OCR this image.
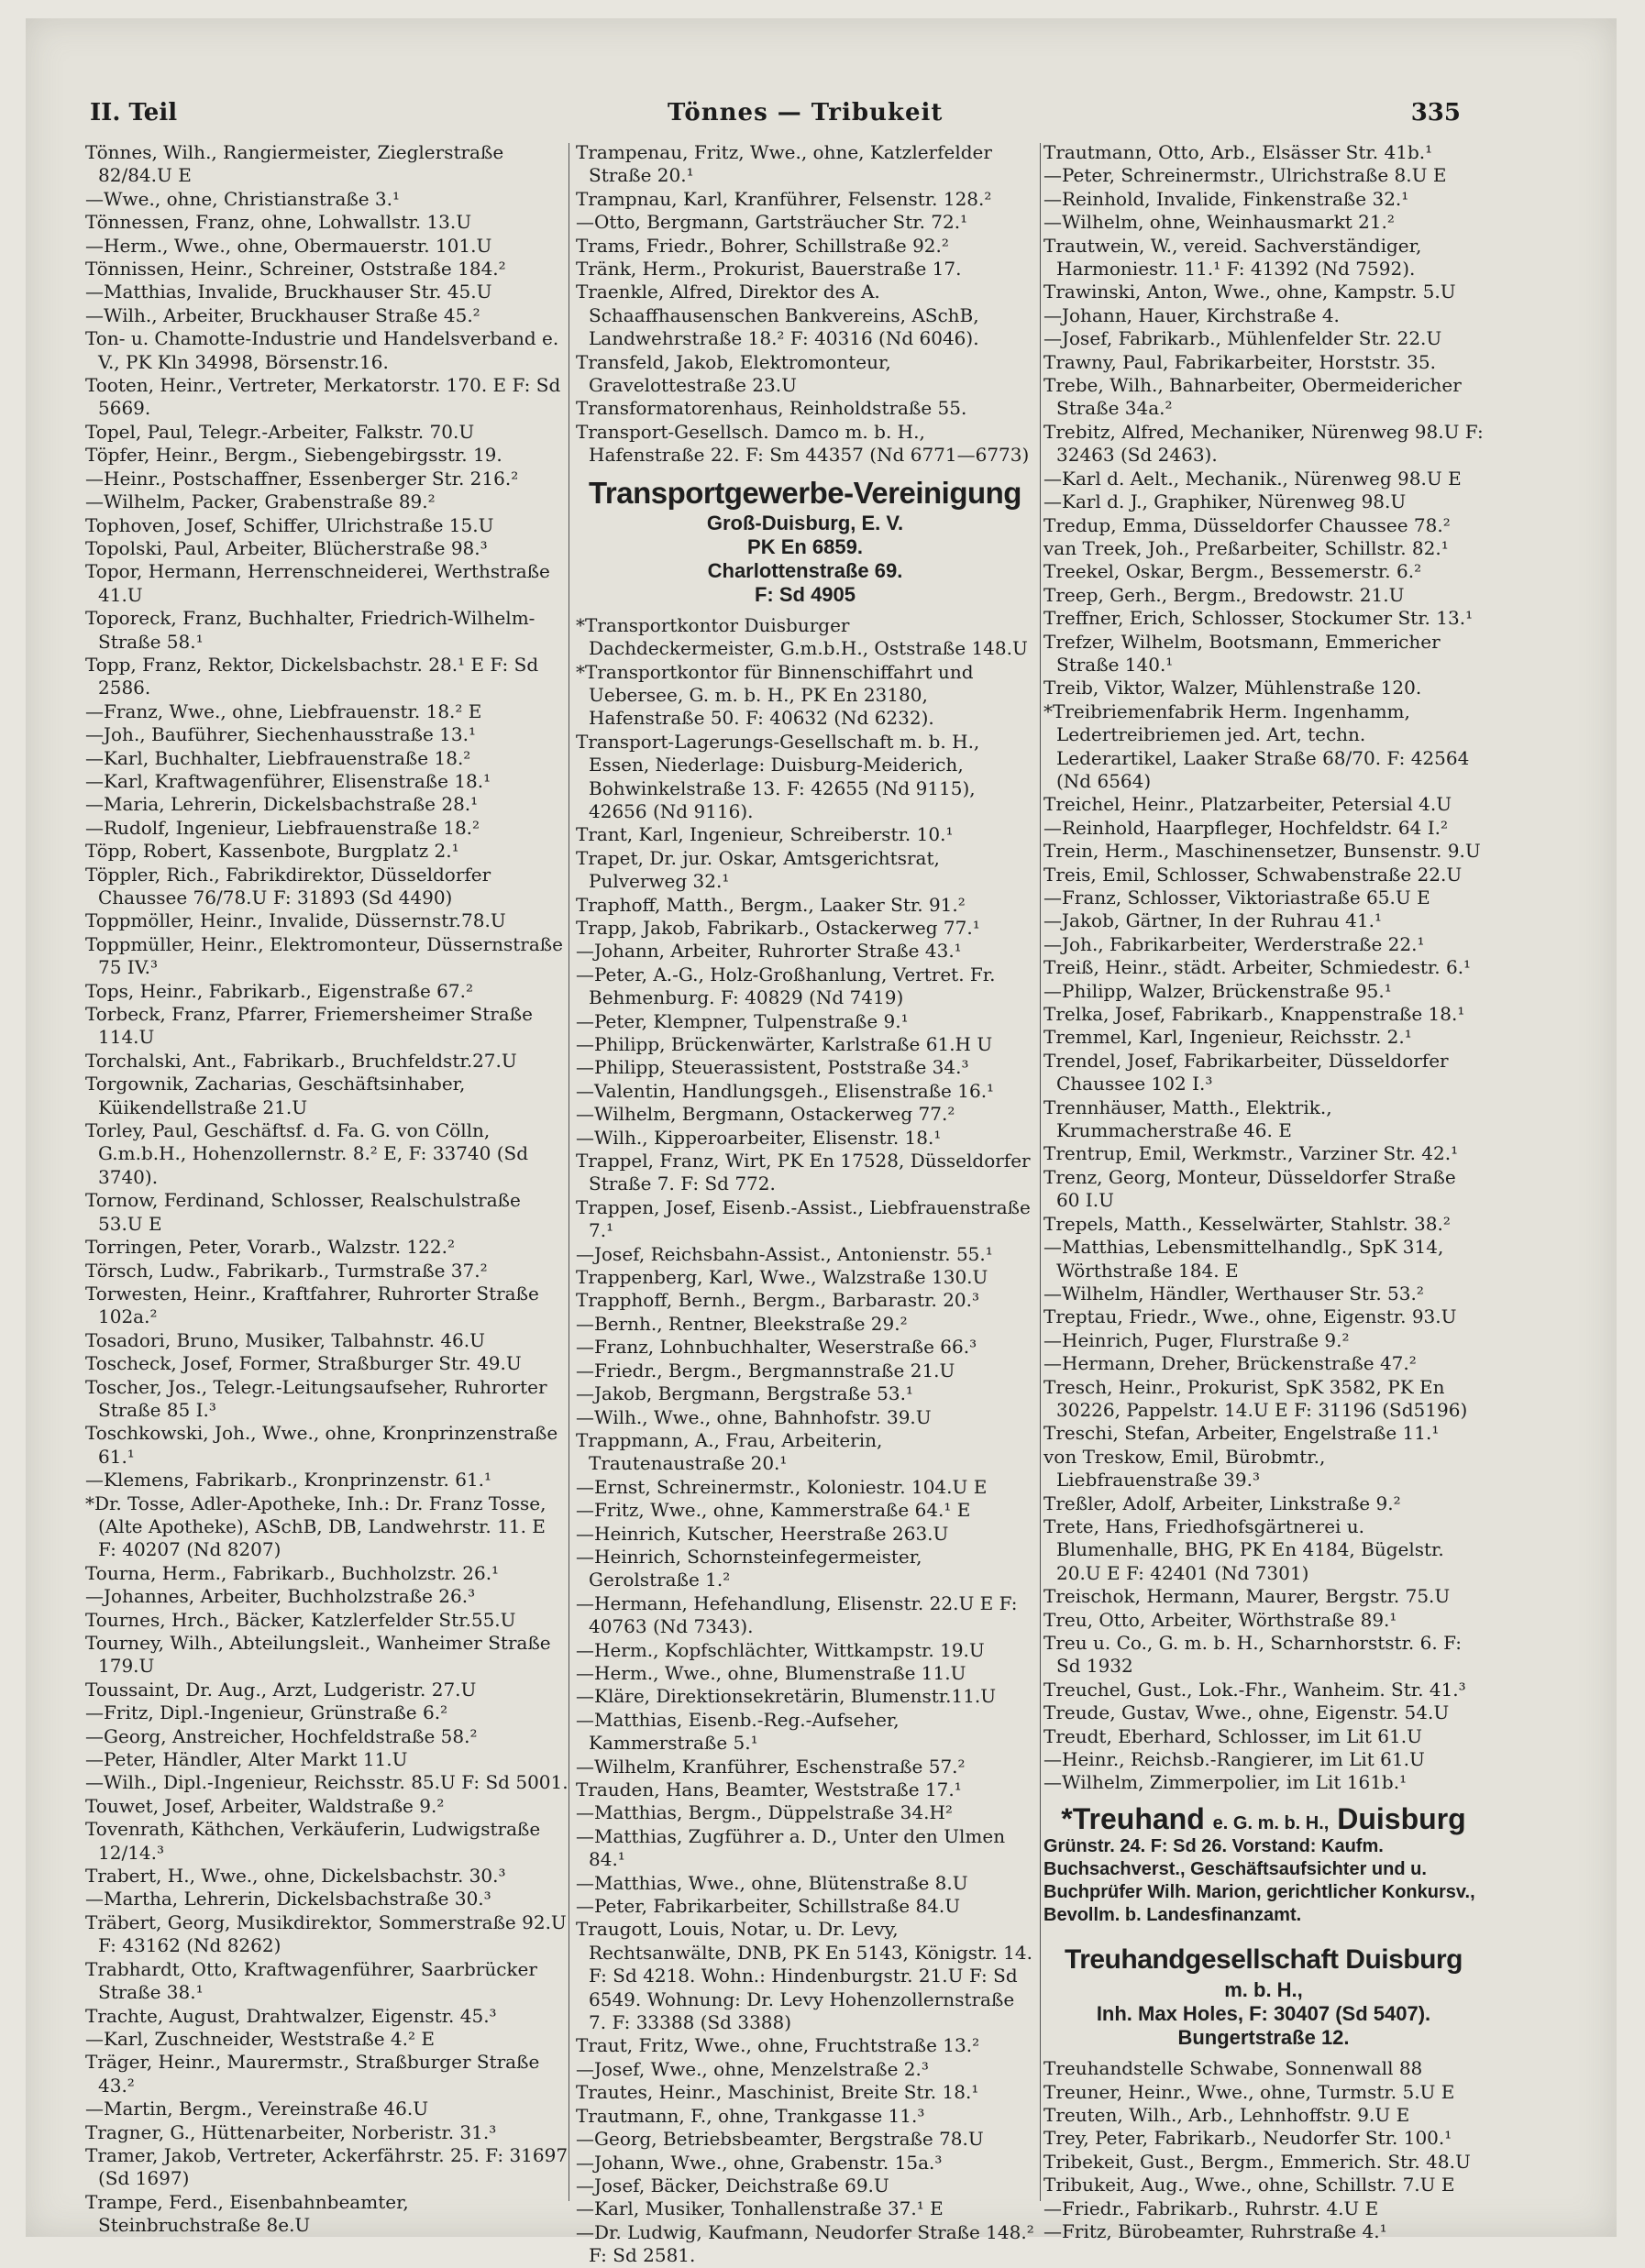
II. Teil	Tönnes — Tribukeit	335

Tönnes, Wilh., Rangiermeister, Zieglerstraße 82/84.U E

—Wwe., ohne, Christianstraße 3.¹

Tönnessen, Franz, ohne, Lohwallstr. 13.U

—Herm., Wwe., ohne, Obermauerstr. 101.U

Tönnissen, Heinr., Schreiner, Oststraße 184.²

—Matthias, Invalide, Bruckhauser Str. 45.U

—Wilh., Arbeiter, Bruckhauser Straße 45.²

Ton- u. Chamotte-Industrie und Handelsverband e. V., PK Kln 34998, Börsenstr.16.

Tooten, Heinr., Vertreter, Merkatorstr. 170. E F: Sd 5669.

Topel, Paul, Telegr.-Arbeiter, Falkstr. 70.U

Töpfer, Heinr., Bergm., Siebengebirgsstr. 19.

—Heinr., Postschaffner, Essenberger Str. 216.²

—Wilhelm, Packer, Grabenstraße 89.²

Tophoven, Josef, Schiffer, Ulrichstraße 15.U

Topolski, Paul, Arbeiter, Blücherstraße 98.³

Topor, Hermann, Herrenschneiderei, Werthstraße 41.U

Toporeck, Franz, Buchhalter, Friedrich-Wilhelm-Straße 58.¹

Topp, Franz, Rektor, Dickelsbachstr. 28.¹ E F: Sd 2586.

—Franz, Wwe., ohne, Liebfrauenstr. 18.² E

—Joh., Bauführer, Siechenhausstraße 13.¹

—Karl, Buchhalter, Liebfrauenstraße 18.²

—Karl, Kraftwagenführer, Elisenstraße 18.¹

—Maria, Lehrerin, Dickelsbachstraße 28.¹

—Rudolf, Ingenieur, Liebfrauenstraße 18.²

Töpp, Robert, Kassenbote, Burgplatz 2.¹

Töppler, Rich., Fabrikdirektor, Düsseldorfer Chaussee 76/78.U F: 31893 (Sd 4490)

Toppmöller, Heinr., Invalide, Düssernstr.78.U

Toppmüller, Heinr., Elektromonteur, Düssernstraße 75 IV.³

Tops, Heinr., Fabrikarb., Eigenstraße 67.²

Torbeck, Franz, Pfarrer, Friemersheimer Straße 114.U

Torchalski, Ant., Fabrikarb., Bruchfeldstr.27.U

Torgownik, Zacharias, Geschäftsinhaber, Küikendellstraße 21.U

Torley, Paul, Geschäftsf. d. Fa. G. von Cölln, G.m.b.H., Hohenzollernstr. 8.² E, F: 33740 (Sd 3740).

Tornow, Ferdinand, Schlosser, Realschulstraße 53.U E

Torringen, Peter, Vorarb., Walzstr. 122.²

Törsch, Ludw., Fabrikarb., Turmstraße 37.²

Torwesten, Heinr., Kraftfahrer, Ruhrorter Straße 102a.²

Tosadori, Bruno, Musiker, Talbahnstr. 46.U

Toscheck, Josef, Former, Straßburger Str. 49.U

Toscher, Jos., Telegr.-Leitungsaufseher, Ruhrorter Straße 85 I.³

Toschkowski, Joh., Wwe., ohne, Kronprinzenstraße 61.¹

—Klemens, Fabrikarb., Kronprinzenstr. 61.¹

*Dr. Tosse, Adler-Apotheke, Inh.: Dr. Franz Tosse, (Alte Apotheke), ASchB, DB, Landwehrstr. 11. E F: 40207 (Nd 8207)

Tourna, Herm., Fabrikarb., Buchholzstr. 26.¹

—Johannes, Arbeiter, Buchholzstraße 26.³

Tournes, Hrch., Bäcker, Katzlerfelder Str.55.U

Tourney, Wilh., Abteilungsleit., Wanheimer Straße 179.U

Toussaint, Dr. Aug., Arzt, Ludgeristr. 27.U

—Fritz, Dipl.-Ingenieur, Grünstraße 6.²

—Georg, Anstreicher, Hochfeldstraße 58.²

—Peter, Händler, Alter Markt 11.U

—Wilh., Dipl.-Ingenieur, Reichsstr. 85.U F: Sd 5001.

Touwet, Josef, Arbeiter, Waldstraße 9.²

Tovenrath, Käthchen, Verkäuferin, Ludwigstraße 12/14.³

Trabert, H., Wwe., ohne, Dickelsbachstr. 30.³

—Martha, Lehrerin, Dickelsbachstraße 30.³

Träbert, Georg, Musikdirektor, Sommerstraße 92.U F: 43162 (Nd 8262)

Trabhardt, Otto, Kraftwagenführer, Saarbrücker Straße 38.¹

Trachte, August, Drahtwalzer, Eigenstr. 45.³

—Karl, Zuschneider, Weststraße 4.² E

Träger, Heinr., Maurermstr., Straßburger Straße 43.²

—Martin, Bergm., Vereinstraße 46.U

Tragner, G., Hüttenarbeiter, Norberistr. 31.³

Tramer, Jakob, Vertreter, Ackerfährstr. 25. F: 31697 (Sd 1697)

Trampe, Ferd., Eisenbahnbeamter, Steinbruchstraße 8e.U

Trampenau, Fritz, Wwe., ohne, Katzlerfelder Straße 20.¹

Trampnau, Karl, Kranführer, Felsenstr. 128.²

—Otto, Bergmann, Gartsträucher Str. 72.¹

Trams, Friedr., Bohrer, Schillstraße 92.²

Tränk, Herm., Prokurist, Bauerstraße 17.

Traenkle, Alfred, Direktor des A. Schaaffhausenschen Bankvereins, ASchB, Landwehrstraße 18.² F: 40316 (Nd 6046).

Transfeld, Jakob, Elektromonteur, Gravelottestraße 23.U

Transformatorenhaus, Reinholdstraße 55.

Transport-Gesellsch. Damco m. b. H., Hafenstraße 22. F: Sm 44357 (Nd 6771—6773)

Transportgewerbe-Vereinigung
Groß-Duisburg, E. V.
PK En 6859.
Charlottenstraße 69.
F: Sd 4905

*Transportkontor Duisburger Dachdeckermeister, G.m.b.H., Oststraße 148.U

*Transportkontor für Binnenschiffahrt und Uebersee, G. m. b. H., PK En 23180, Hafenstraße 50. F: 40632 (Nd 6232).

Transport-Lagerungs-Gesellschaft m. b. H., Essen, Niederlage: Duisburg-Meiderich, Bohwinkelstraße 13. F: 42655 (Nd 9115), 42656 (Nd 9116).

Trant, Karl, Ingenieur, Schreiberstr. 10.¹

Trapet, Dr. jur. Oskar, Amtsgerichtsrat, Pulverweg 32.¹

Traphoff, Matth., Bergm., Laaker Str. 91.²

Trapp, Jakob, Fabrikarb., Ostackerweg 77.¹

—Johann, Arbeiter, Ruhrorter Straße 43.¹

—Peter, A.-G., Holz-Großhanlung, Vertret. Fr. Behmenburg. F: 40829 (Nd 7419)

—Peter, Klempner, Tulpenstraße 9.¹

—Philipp, Brückenwärter, Karlstraße 61.H U

—Philipp, Steuerassistent, Poststraße 34.³

—Valentin, Handlungsgeh., Elisenstraße 16.¹

—Wilhelm, Bergmann, Ostackerweg 77.²

—Wilh., Kipperoarbeiter, Elisenstr. 18.¹

Trappel, Franz, Wirt, PK En 17528, Düsseldorfer Straße 7. F: Sd 772.

Trappen, Josef, Eisenb.-Assist., Liebfrauenstraße 7.¹

—Josef, Reichsbahn-Assist., Antonienstr. 55.¹

Trappenberg, Karl, Wwe., Walzstraße 130.U

Trapphoff, Bernh., Bergm., Barbarastr. 20.³

—Bernh., Rentner, Bleekstraße 29.²

—Franz, Lohnbuchhalter, Weserstraße 66.³

—Friedr., Bergm., Bergmannstraße 21.U

—Jakob, Bergmann, Bergstraße 53.¹

—Wilh., Wwe., ohne, Bahnhofstr. 39.U

Trappmann, A., Frau, Arbeiterin, Trautenaustraße 20.¹

—Ernst, Schreinermstr., Koloniestr. 104.U E

—Fritz, Wwe., ohne, Kammerstraße 64.¹ E

—Heinrich, Kutscher, Heerstraße 263.U

—Heinrich, Schornsteinfegermeister, Gerolstraße 1.²

—Hermann, Hefehandlung, Elisenstr. 22.U E F: 40763 (Nd 7343).

—Herm., Kopfschlächter, Wittkampstr. 19.U

—Herm., Wwe., ohne, Blumenstraße 11.U

—Kläre, Direktionsekretärin, Blumenstr.11.U

—Matthias, Eisenb.-Reg.-Aufseher, Kammerstraße 5.¹

—Wilhelm, Kranführer, Eschenstraße 57.²

Trauden, Hans, Beamter, Weststraße 17.¹

—Matthias, Bergm., Düppelstraße 34.H²

—Matthias, Zugführer a. D., Unter den Ulmen 84.¹

—Matthias, Wwe., ohne, Blütenstraße 8.U

—Peter, Fabrikarbeiter, Schillstraße 84.U

Traugott, Louis, Notar, u. Dr. Levy, Rechtsanwälte, DNB, PK En 5143, Königstr. 14. F: Sd 4218. Wohn.: Hindenburgstr. 21.U F: Sd 6549. Wohnung: Dr. Levy Hohenzollernstraße 7. F: 33388 (Sd 3388)

Traut, Fritz, Wwe., ohne, Fruchtstraße 13.²

—Josef, Wwe., ohne, Menzelstraße 2.³

Trautes, Heinr., Maschinist, Breite Str. 18.¹

Trautmann, F., ohne, Trankgasse 11.³

—Georg, Betriebsbeamter, Bergstraße 78.U

—Johann, Wwe., ohne, Grabenstr. 15a.³

—Josef, Bäcker, Deichstraße 69.U

—Karl, Musiker, Tonhallenstraße 37.¹ E

—Dr. Ludwig, Kaufmann, Neudorfer Straße 148.² F: Sd 2581.

Trautmann, Otto, Arb., Elsässer Str. 41b.¹

—Peter, Schreinermstr., Ulrichstraße 8.U E

—Reinhold, Invalide, Finkenstraße 32.¹

—Wilhelm, ohne, Weinhausmarkt 21.²

Trautwein, W., vereid. Sachverständiger, Harmoniestr. 11.¹ F: 41392 (Nd 7592).

Trawinski, Anton, Wwe., ohne, Kampstr. 5.U

—Johann, Hauer, Kirchstraße 4.

—Josef, Fabrikarb., Mühlenfelder Str. 22.U

Trawny, Paul, Fabrikarbeiter, Horststr. 35.

Trebe, Wilh., Bahnarbeiter, Obermeidericher Straße 34a.²

Trebitz, Alfred, Mechaniker, Nürenweg 98.U F: 32463 (Sd 2463).

—Karl d. Aelt., Mechanik., Nürenweg 98.U E

—Karl d. J., Graphiker, Nürenweg 98.U

Tredup, Emma, Düsseldorfer Chaussee 78.²

van Treek, Joh., Preßarbeiter, Schillstr. 82.¹

Treekel, Oskar, Bergm., Bessemerstr. 6.²

Treep, Gerh., Bergm., Bredowstr. 21.U

Treffner, Erich, Schlosser, Stockumer Str. 13.¹

Trefzer, Wilhelm, Bootsmann, Emmericher Straße 140.¹

Treib, Viktor, Walzer, Mühlenstraße 120.

*Treibriemenfabrik Herm. Ingenhamm, Ledertreibriemen jed. Art, techn. Lederartikel, Laaker Straße 68/70. F: 42564 (Nd 6564)

Treichel, Heinr., Platzarbeiter, Petersial 4.U

—Reinhold, Haarpfleger, Hochfeldstr. 64 I.²

Trein, Herm., Maschinensetzer, Bunsenstr. 9.U

Treis, Emil, Schlosser, Schwabenstraße 22.U

—Franz, Schlosser, Viktoriastraße 65.U E

—Jakob, Gärtner, In der Ruhrau 41.¹

—Joh., Fabrikarbeiter, Werderstraße 22.¹

Treiß, Heinr., städt. Arbeiter, Schmiedestr. 6.¹

—Philipp, Walzer, Brückenstraße 95.¹

Trelka, Josef, Fabrikarb., Knappenstraße 18.¹

Tremmel, Karl, Ingenieur, Reichsstr. 2.¹

Trendel, Josef, Fabrikarbeiter, Düsseldorfer Chaussee 102 I.³

Trennhäuser, Matth., Elektrik., Krummacherstraße 46. E

Trentrup, Emil, Werkmstr., Varziner Str. 42.¹

Trenz, Georg, Monteur, Düsseldorfer Straße 60 I.U

Trepels, Matth., Kesselwärter, Stahlstr. 38.²

—Matthias, Lebensmittelhandlg., SpK 314, Wörthstraße 184. E

—Wilhelm, Händler, Werthauser Str. 53.²

Treptau, Friedr., Wwe., ohne, Eigenstr. 93.U

—Heinrich, Puger, Flurstraße 9.²

—Hermann, Dreher, Brückenstraße 47.²

Tresch, Heinr., Prokurist, SpK 3582, PK En 30226, Pappelstr. 14.U E F: 31196 (Sd5196)

Treschi, Stefan, Arbeiter, Engelstraße 11.¹

von Treskow, Emil, Bürobmtr., Liebfrauenstraße 39.³

Treßler, Adolf, Arbeiter, Linkstraße 9.²

Trete, Hans, Friedhofsgärtnerei u. Blumenhalle, BHG, PK En 4184, Bügelstr. 20.U E F: 42401 (Nd 7301)

Treischok, Hermann, Maurer, Bergstr. 75.U

Treu, Otto, Arbeiter, Wörthstraße 89.¹

Treu u. Co., G. m. b. H., Scharnhorststr. 6. F: Sd 1932

Treuchel, Gust., Lok.-Fhr., Wanheim. Str. 41.³

Treude, Gustav, Wwe., ohne, Eigenstr. 54.U

Treudt, Eberhard, Schlosser, im Lit 61.U

—Heinr., Reichsb.-Rangierer, im Lit 61.U

—Wilhelm, Zimmerpolier, im Lit 161b.¹

*Treuhand e. G. m. b. H., Duisburg
Grünstr. 24. F: Sd 26. Vorstand: Kaufm. Buchsachverst., Geschäftsaufsichter und u. Buchprüfer Wilh. Marion, gerichtlicher Konkursv., Bevollm. b. Landesfinanzamt.
Treuhandgesellschaft Duisburg
m. b. H.,
Inh. Max Holes, F: 30407 (Sd 5407).
Bungertstraße 12.

Treuhandstelle Schwabe, Sonnenwall 88

Treuner, Heinr., Wwe., ohne, Turmstr. 5.U E

Treuten, Wilh., Arb., Lehnhoffstr. 9.U E

Trey, Peter, Fabrikarb., Neudorfer Str. 100.¹

Tribekeit, Gust., Bergm., Emmerich. Str. 48.U

Tribukeit, Aug., Wwe., ohne, Schillstr. 7.U E

—Friedr., Fabrikarb., Ruhrstr. 4.U E

—Fritz, Bürobeamter, Ruhrstraße 4.¹
